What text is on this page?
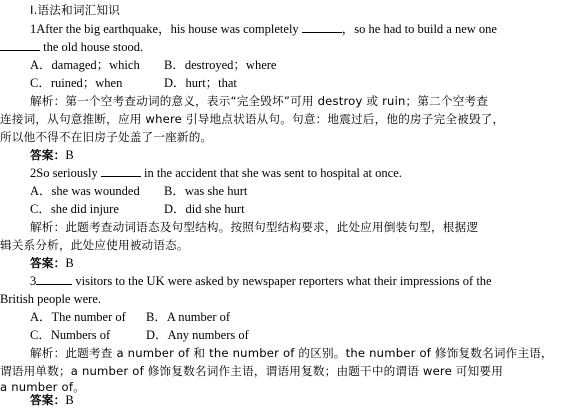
Ⅰ.语法和词汇知识
1After the big earthquake，his house was completely	，so he had to build a new one
the old house stood.
A．damaged；which B．destroyed；where
C．ruined；when	D．hurt；that
解析：第一个空考查动词的意义，表示“完全毁坏”可用 destroy 或 ruin；第二个空考查
连接词，从句意推断，应用 where 引导地点状语从句。句意：地震过后，他的房子完全被毁了，
所以他不得不在旧房子处盖了一座新的。
答案：B
2So seriously	in the accident that she was sent to hospital at once.
A．she was wounded B．was she hurt
C．she did injure	D．did she hurt
解析：此题考查动词语态及句型结构。按照句型结构要求，此处应用倒装句型，根据逻
辑关系分析，此处应使用被动语态。
答案：B
3	visitors to the UK were asked by newspaper reporters what their impressions of the
British people were.
A．The number of B．A number of
C．Numbers of	D．Any numbers of
解析：此题考查 a number of 和 the number of 的区别。the number of 修饰复数名词作主语，
谓语用单数；a number of 修饰复数名词作主语，谓语用复数；由题干中的谓语 were 可知要用
a number of。
答案：B
